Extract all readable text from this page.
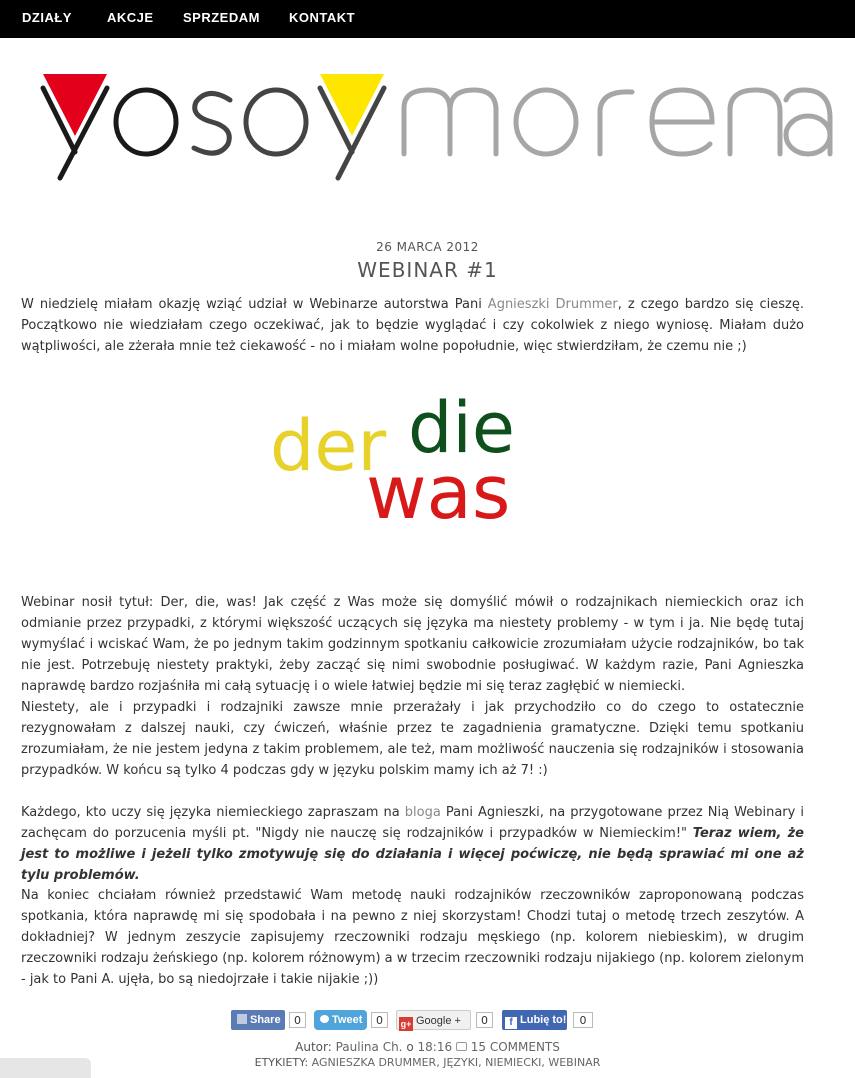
DZIAŁY	AKCJE SPRZEDAM KONTAKT
26 MARCA 2012
WEBINAR #1
W niedzielę miałam okazję wziąć udział w Webinarze autorstwa Pani Agnieszki Drummer, z czego bardzo się cieszę. Początkowo nie wiedziałam czego oczekiwać, jak to będzie wyglądać i czy cokolwiek z niego wyniosę. Miałam dużo wątpliwości, ale zżerała mnie też ciekawość - no i miałam wolne popołudnie, więc stwierdziłam, że czemu nie ;)
der die
was
Webinar nosił tytuł: Der, die, was! Jak część z Was może się domyślić mówił o rodzajnikach niemieckich oraz ich odmianie przez przypadki, z którymi większość uczących się języka ma niestety problemy - w tym i ja. Nie będę tutaj wymyślać i wciskać Wam, że po jednym takim godzinnym spotkaniu całkowicie zrozumiałam użycie rodzajników, bo tak nie jest. Potrzebuję niestety praktyki, żeby zacząć się nimi swobodnie posługiwać. W każdym razie, Pani Agnieszka naprawdę bardzo rozjaśniła mi całą sytuację i o wiele łatwiej będzie mi się teraz zagłębić w niemiecki.
Niestety, ale i przypadki i rodzajniki zawsze mnie przerażały i jak przychodziło co do czego to ostatecznie rezygnowałam z dalszej nauki, czy ćwiczeń, właśnie przez te zagadnienia gramatyczne. Dzięki temu spotkaniu zrozumiałam, że nie jestem jedyna z takim problemem, ale też, mam możliwość nauczenia się rodzajników i stosowania przypadków. W końcu są tylko 4 podczas gdy w języku polskim mamy ich aż 7! :)
Każdego, kto uczy się języka niemieckiego zapraszam na bloga Pani Agnieszki, na przygotowane przez Nią Webinary i zachęcam do porzucenia myśli pt. "Nigdy nie nauczę się rodzajników i przypadków w Niemieckim!" Teraz wiem, że jest to możliwe i jeżeli tylko zmotywuję się do działania i więcej poćwiczę, nie będą sprawiać mi one aż tylu problemów.
Na koniec chciałam również przedstawić Wam metodę nauki rodzajników rzeczowników zaproponowaną podczas spotkania, która naprawdę mi się spodobała i na pewno z niej skorzystam! Chodzi tutaj o metodę trzech zeszytów. A dokładniej? W jednym zeszycie zapisujemy rzeczowniki rodzaju męskiego (np. kolorem niebieskim), w drugim rzeczowniki rodzaju żeńskiego (np. kolorem różnowym) a w trzecim rzeczowniki rodzaju nijakiego (np. kolorem zielonym - jak to Pani A. ujęła, bo są niedojrzałe i takie nijakie ;))
Share	0	Tweet	0	g+ Google +	0	f Lubię to!	0
Autor: Paulina Ch. o 18:16 15 COMMENTS
ETYKIETY: AGNIESZKA DRUMMER, JĘZYKI, NIEMIECKI, WEBINAR
